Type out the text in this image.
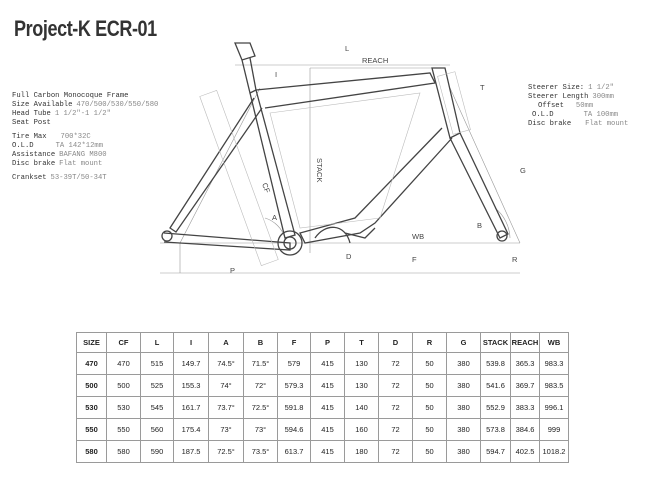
Project-K ECR-01
Full Carbon Monocoque Frame
Size Available 470/500/530/550/580
Head Tube 1 1/2"-1 1/2"
Seat Post
Tire Max 700*32C
O.L.D	TA 142*12mm
Assistance BAFANG M800
Disc brake Flat mount
Crankset 53-39T/50-34T
Steerer Size: 1 1/2"
Steerer Length 300mm
Offset 50mm
O.L.D	TA 100mm
Disc brake Flat mount
L
REACH
I
T
STACK
CF
A
G
B
WB
D
P
F	R
SIZE	CF	L	I	A	B	F	P	T	D	R	G	STACK	REACH	WB
470	470	515	149.7	74.5°	71.5°	579	415	130	72	50	380	539.8	365.3	983.3
500	500	525	155.3	74°	72°	579.3	415	130	72	50	380	541.6	369.7	983.5
530	530	545	161.7	73.7°	72.5°	591.8	415	140	72	50	380	552.9	383.3	996.1
550	550	560	175.4	73°	73°	594.6	415	160	72	50	380	573.8	384.6	999
580	580	590	187.5	72.5°	73.5°	613.7	415	180	72	50	380	594.7	402.5	1018.2
